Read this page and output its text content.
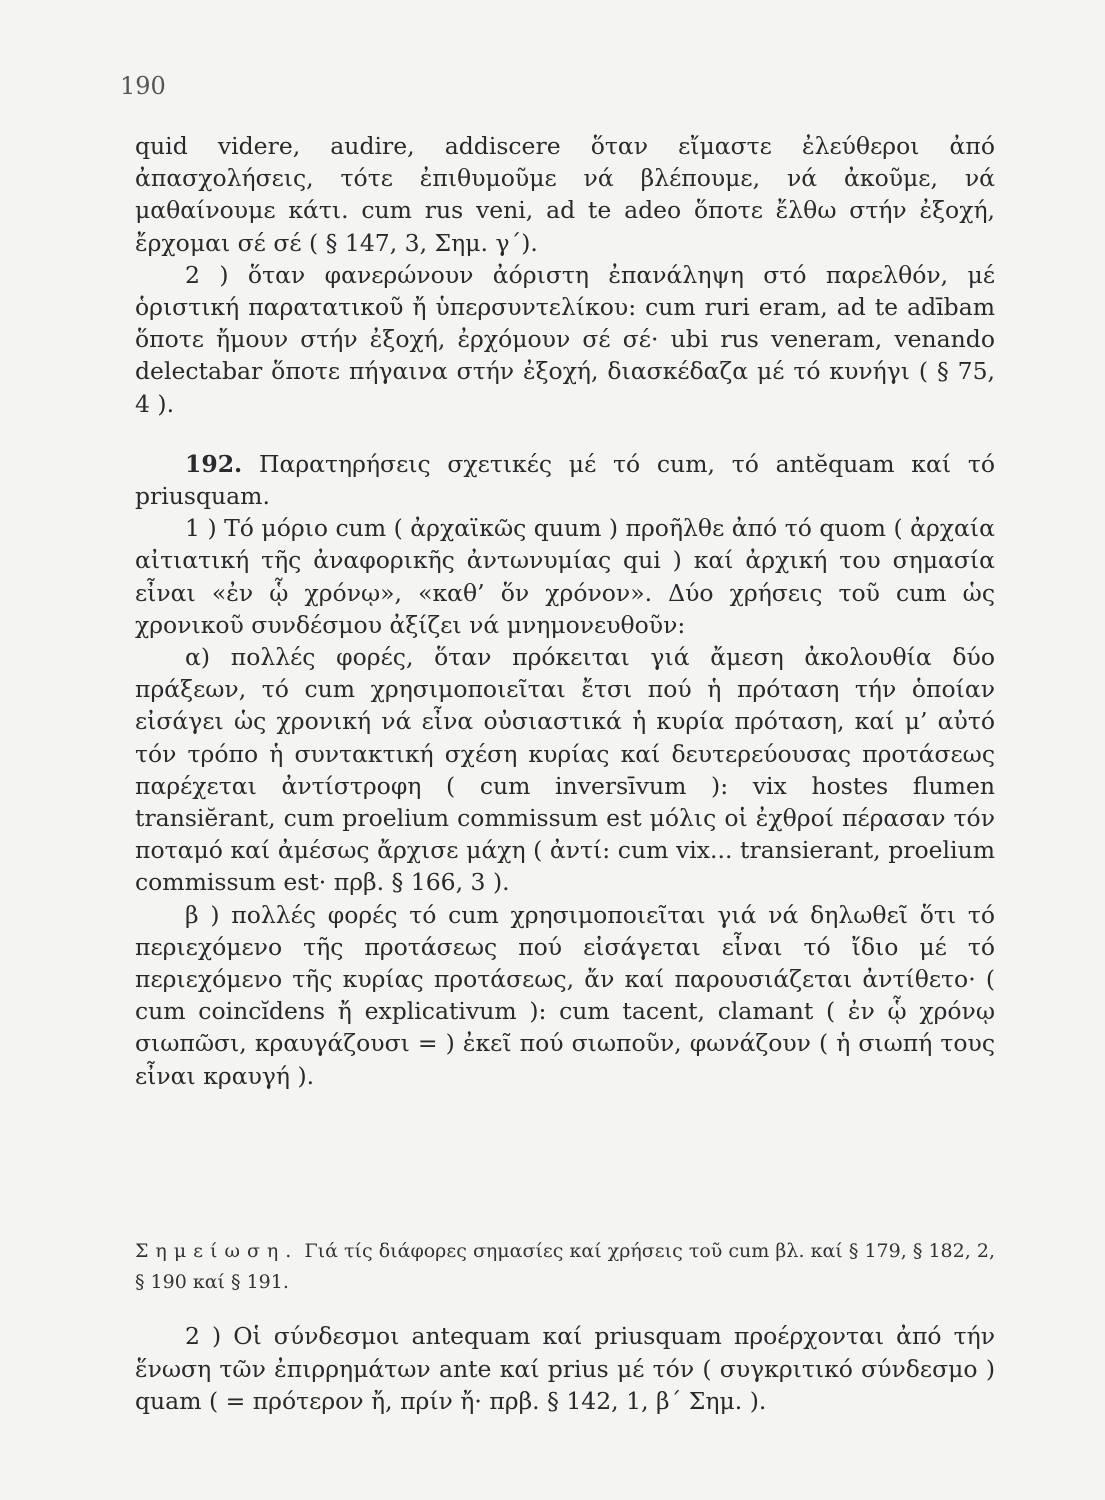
190

quid videre, audire, addiscere ὅταν εἴμαστε ἐλεύθεροι ἀπό ἀπασχολήσεις, τότε ἐπιθυμοῦμε νά βλέπουμε, νά ἀκοῦμε, νά μαθαίνουμε κάτι. cum rus veni, ad te adeo ὅποτε ἔλθω στήν ἐξοχή, ἔρχομαι σέ σέ ( § 147, 3, Σημ. γ΄).

2 ) ὅταν φανερώνουν ἀόριστη ἐπανάληψη στό παρελθόν, μέ ὁριστική παρατατικοῦ ἤ ὑπερσυντελίκου: cum ruri eram, ad te adībam ὅποτε ἤμουν στήν ἐξοχή, ἐρχόμουν σέ σέ· ubi rus veneram, venando delectabar ὅποτε πήγαινα στήν ἐξοχή, διασκέδαζα μέ τό κυνήγι ( § 75, 4 ).

192. Παρατηρήσεις σχετικές μέ τό cum, τό antĕquam καί τό priusquam.

1 ) Τό μόριο cum ( ἀρχαϊκῶς quum ) προῆλθε ἀπό τό quom ( ἀρχαία αἰτιατική τῆς ἀναφορικῆς ἀντωνυμίας qui ) καί ἀρχική του σημασία εἶναι «ἐν ᾧ χρόνῳ», «καθ’ ὅν χρόνον». Δύο χρήσεις τοῦ cum ὡς χρονικοῦ συνδέσμου ἀξίζει νά μνημονευθοῦν:

α) πολλές φορές, ὅταν πρόκειται γιά ἄμεση ἀκολουθία δύο πράξεων, τό cum χρησιμοποιεῖται ἔτσι πού ἡ πρόταση τήν ὁποίαν εἰσάγει ὡς χρονική νά εἶνα οὐσιαστικά ἡ κυρία πρόταση, καί μ’ αὐτό τόν τρόπο ἡ συντακτική σχέση κυρίας καί δευτερεύουσας προτάσεως παρέχεται ἀντίστροφη ( cum inversīvum ): vix hostes flumen transiĕrant, cum proelium commissum est μόλις οἱ ἐχθροί πέρασαν τόν ποταμό καί ἀμέσως ἄρχισε μάχη ( ἀντί: cum vix... transierant, proelium commissum est· πρβ. § 166, 3 ).

β ) πολλές φορές τό cum χρησιμοποιεῖται γιά νά δηλωθεῖ ὅτι τό περιεχόμενο τῆς προτάσεως πού εἰσάγεται εἶναι τό ἴδιο μέ τό περιεχόμενο τῆς κυρίας προτάσεως, ἄν καί παρουσιάζεται ἀντίθετο· ( cum coincĭdens ἤ explicativum ): cum tacent, clamant ( ἐν ᾧ χρόνῳ σιωπῶσι, κραυγάζουσι = ) ἐκεῖ πού σιωποῦν, φωνάζουν ( ἡ σιωπή τους εἶναι κραυγή ).

Σημείωση. Γιά τίς διάφορες σημασίες καί χρήσεις τοῦ cum βλ. καί § 179, § 182, 2, § 190 καί § 191.

2 ) Οἱ σύνδεσμοι antequam καί priusquam προέρχονται ἀπό τήν ἕνωση τῶν ἐπιρρημάτων ante καί prius μέ τόν ( συγκριτικό σύνδεσμο ) quam ( = πρότερον ἤ, πρίν ἤ· πρβ. § 142, 1, β΄ Σημ. ).
